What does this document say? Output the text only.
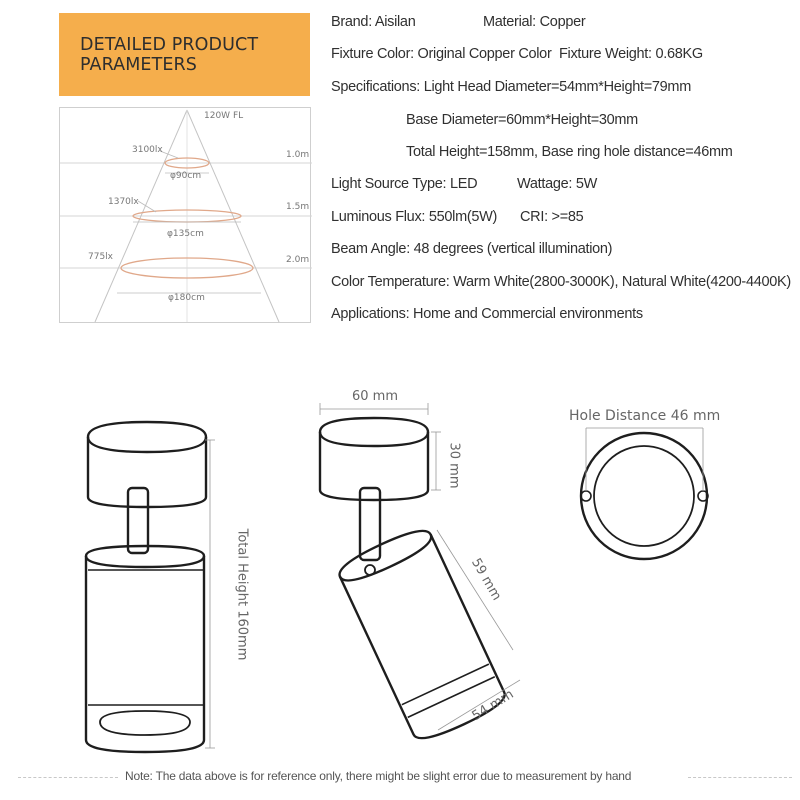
DETAILED PRODUCT
PARAMETERS
Brand: Aisilan	Material: Copper
Fixture Color: Original Copper Color Fixture Weight: 0.68KG
Specifications: Light Head Diameter=54mm*Height=79mm
Base Diameter=60mm*Height=30mm
Total Height=158mm, Base ring hole distance=46mm
Light Source Type: LED	Wattage: 5W
Luminous Flux: 550lm(5W) CRI: >=85
Beam Angle: 48 degrees (vertical illumination)
Color Temperature: Warm White(2800-3000K), Natural White(4200-4400K)
Applications: Home and Commercial environments
120W FL
3100lx
φ90cm
1.0m
1370lx
φ135cm
1.5m
775lx
φ180cm
2.0m
Total Height 160mm
60 mm
30 mm
59 mm
54 mm
Hole Distance 46 mm
Note: The data above is for reference only, there might be slight error due to measurement by hand
